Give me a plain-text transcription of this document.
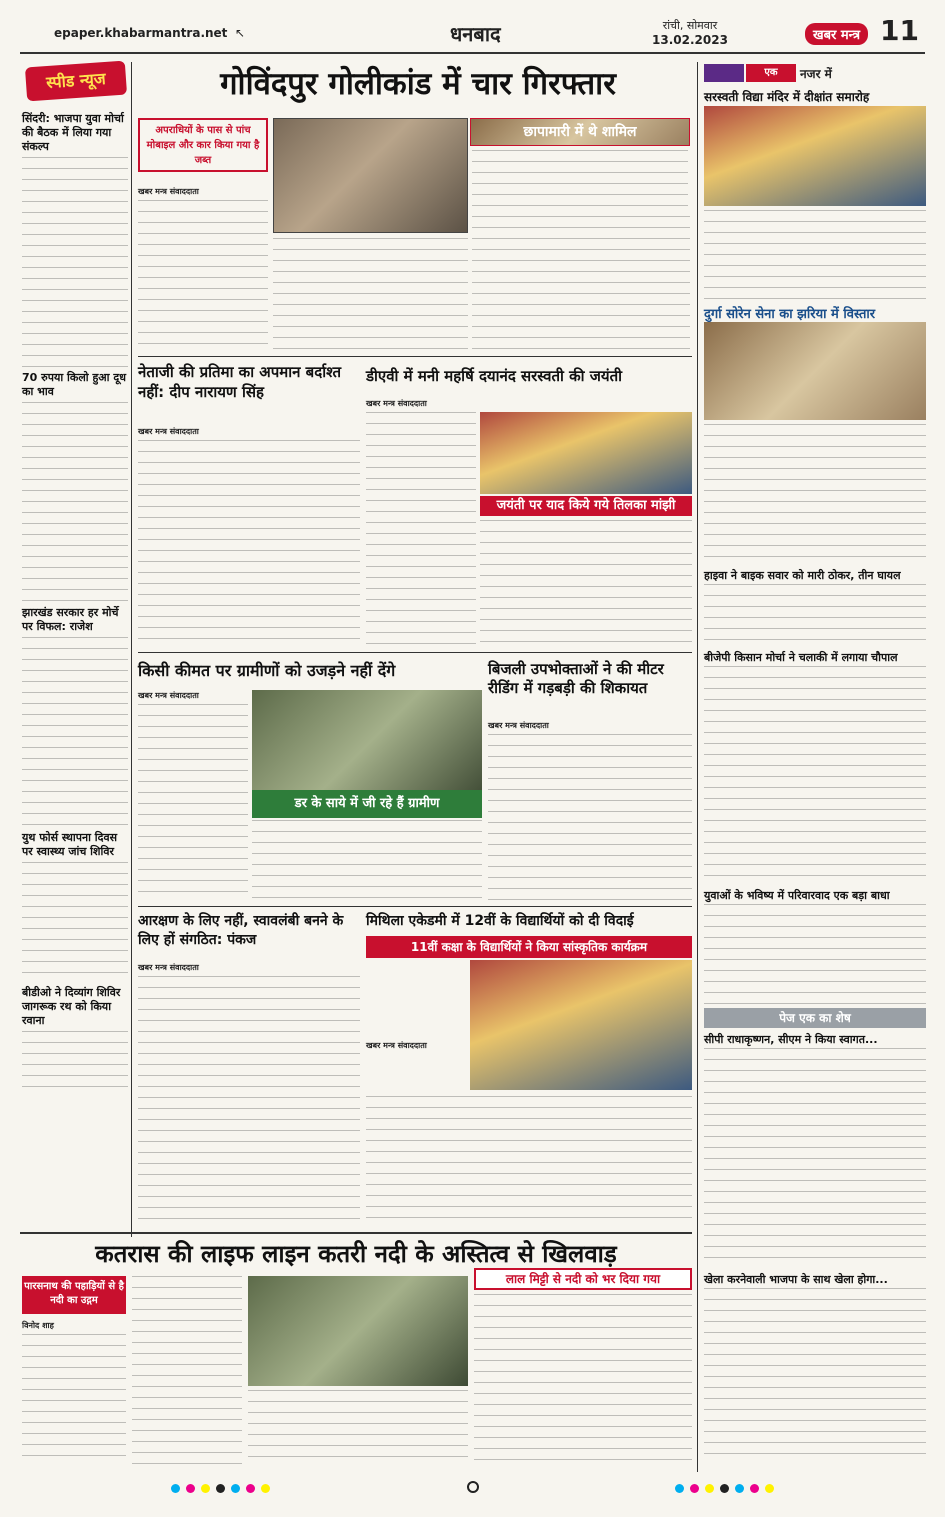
epaper.khabarmantra.net ↖	धनबाद	रांची, सोमवार
13.02.2023	खबर मन्त्र 11
स्पीड न्यूज
सिंदरी: भाजपा युवा मोर्चा की बैठक में लिया गया संकल्प
70 रुपया किलो हुआ दूध का भाव
झारखंड सरकार हर मोर्चे पर विफल: राजेश
युथ फोर्स स्थापना दिवस पर स्वास्थ्य जांच शिविर
बीडीओ ने दिव्यांग शिविर जागरूक रथ को किया रवाना
गोविंदपुर गोलीकांड में चार गिरफ्तार
अपराधियों के पास से पांच मोबाइल और कार किया गया है जब्त
छापामारी में थे शामिल
खबर मन्त्र संवाददाता
नेताजी की प्रतिमा का अपमान बर्दाश्त नहीं: दीप नारायण सिंह
खबर मन्त्र संवाददाता
डीएवी में मनी महर्षि दयानंद सरस्वती की जयंती
खबर मन्त्र संवाददाता
जयंती पर याद किये गये तिलका मांझी
किसी कीमत पर ग्रामीणों को उजड़ने नहीं देंगे
खबर मन्त्र संवाददाता
डर के साये में जी रहे हैं ग्रामीण
बिजली उपभोक्ताओं ने की मीटर रीडिंग में गड़बड़ी की शिकायत
खबर मन्त्र संवाददाता
आरक्षण के लिए नहीं, स्वावलंबी बनने के लिए हों संगठित: पंकज
खबर मन्त्र संवाददाता
मिथिला एकेडमी में 12वीं के विद्यार्थियों को दी विदाई
11वीं कक्षा के विद्यार्थियों ने किया सांस्कृतिक कार्यक्रम
खबर मन्त्र संवाददाता
कतरास की लाइफ लाइन कतरी नदी के अस्तित्व से खिलवाड़
पारसनाथ की पहाड़ियों से है नदी का उद्गम
विनोद शाह
लाल मिट्टी से नदी को भर दिया गया
एक	नजर में
सरस्वती विद्या मंदिर में दीक्षांत समारोह
दुर्गा सोरेन सेना का झरिया में विस्तार
हाइवा ने बाइक सवार को मारी ठोकर, तीन घायल
बीजेपी किसान मोर्चा ने चलाकी में लगाया चौपाल
युवाओं के भविष्य में परिवारवाद एक बड़ा बाधा
पेज एक का शेष
सीपी राधाकृष्णन, सीएम ने किया स्वागत...
खेला करनेवाली भाजपा के साथ खेला होगा...
